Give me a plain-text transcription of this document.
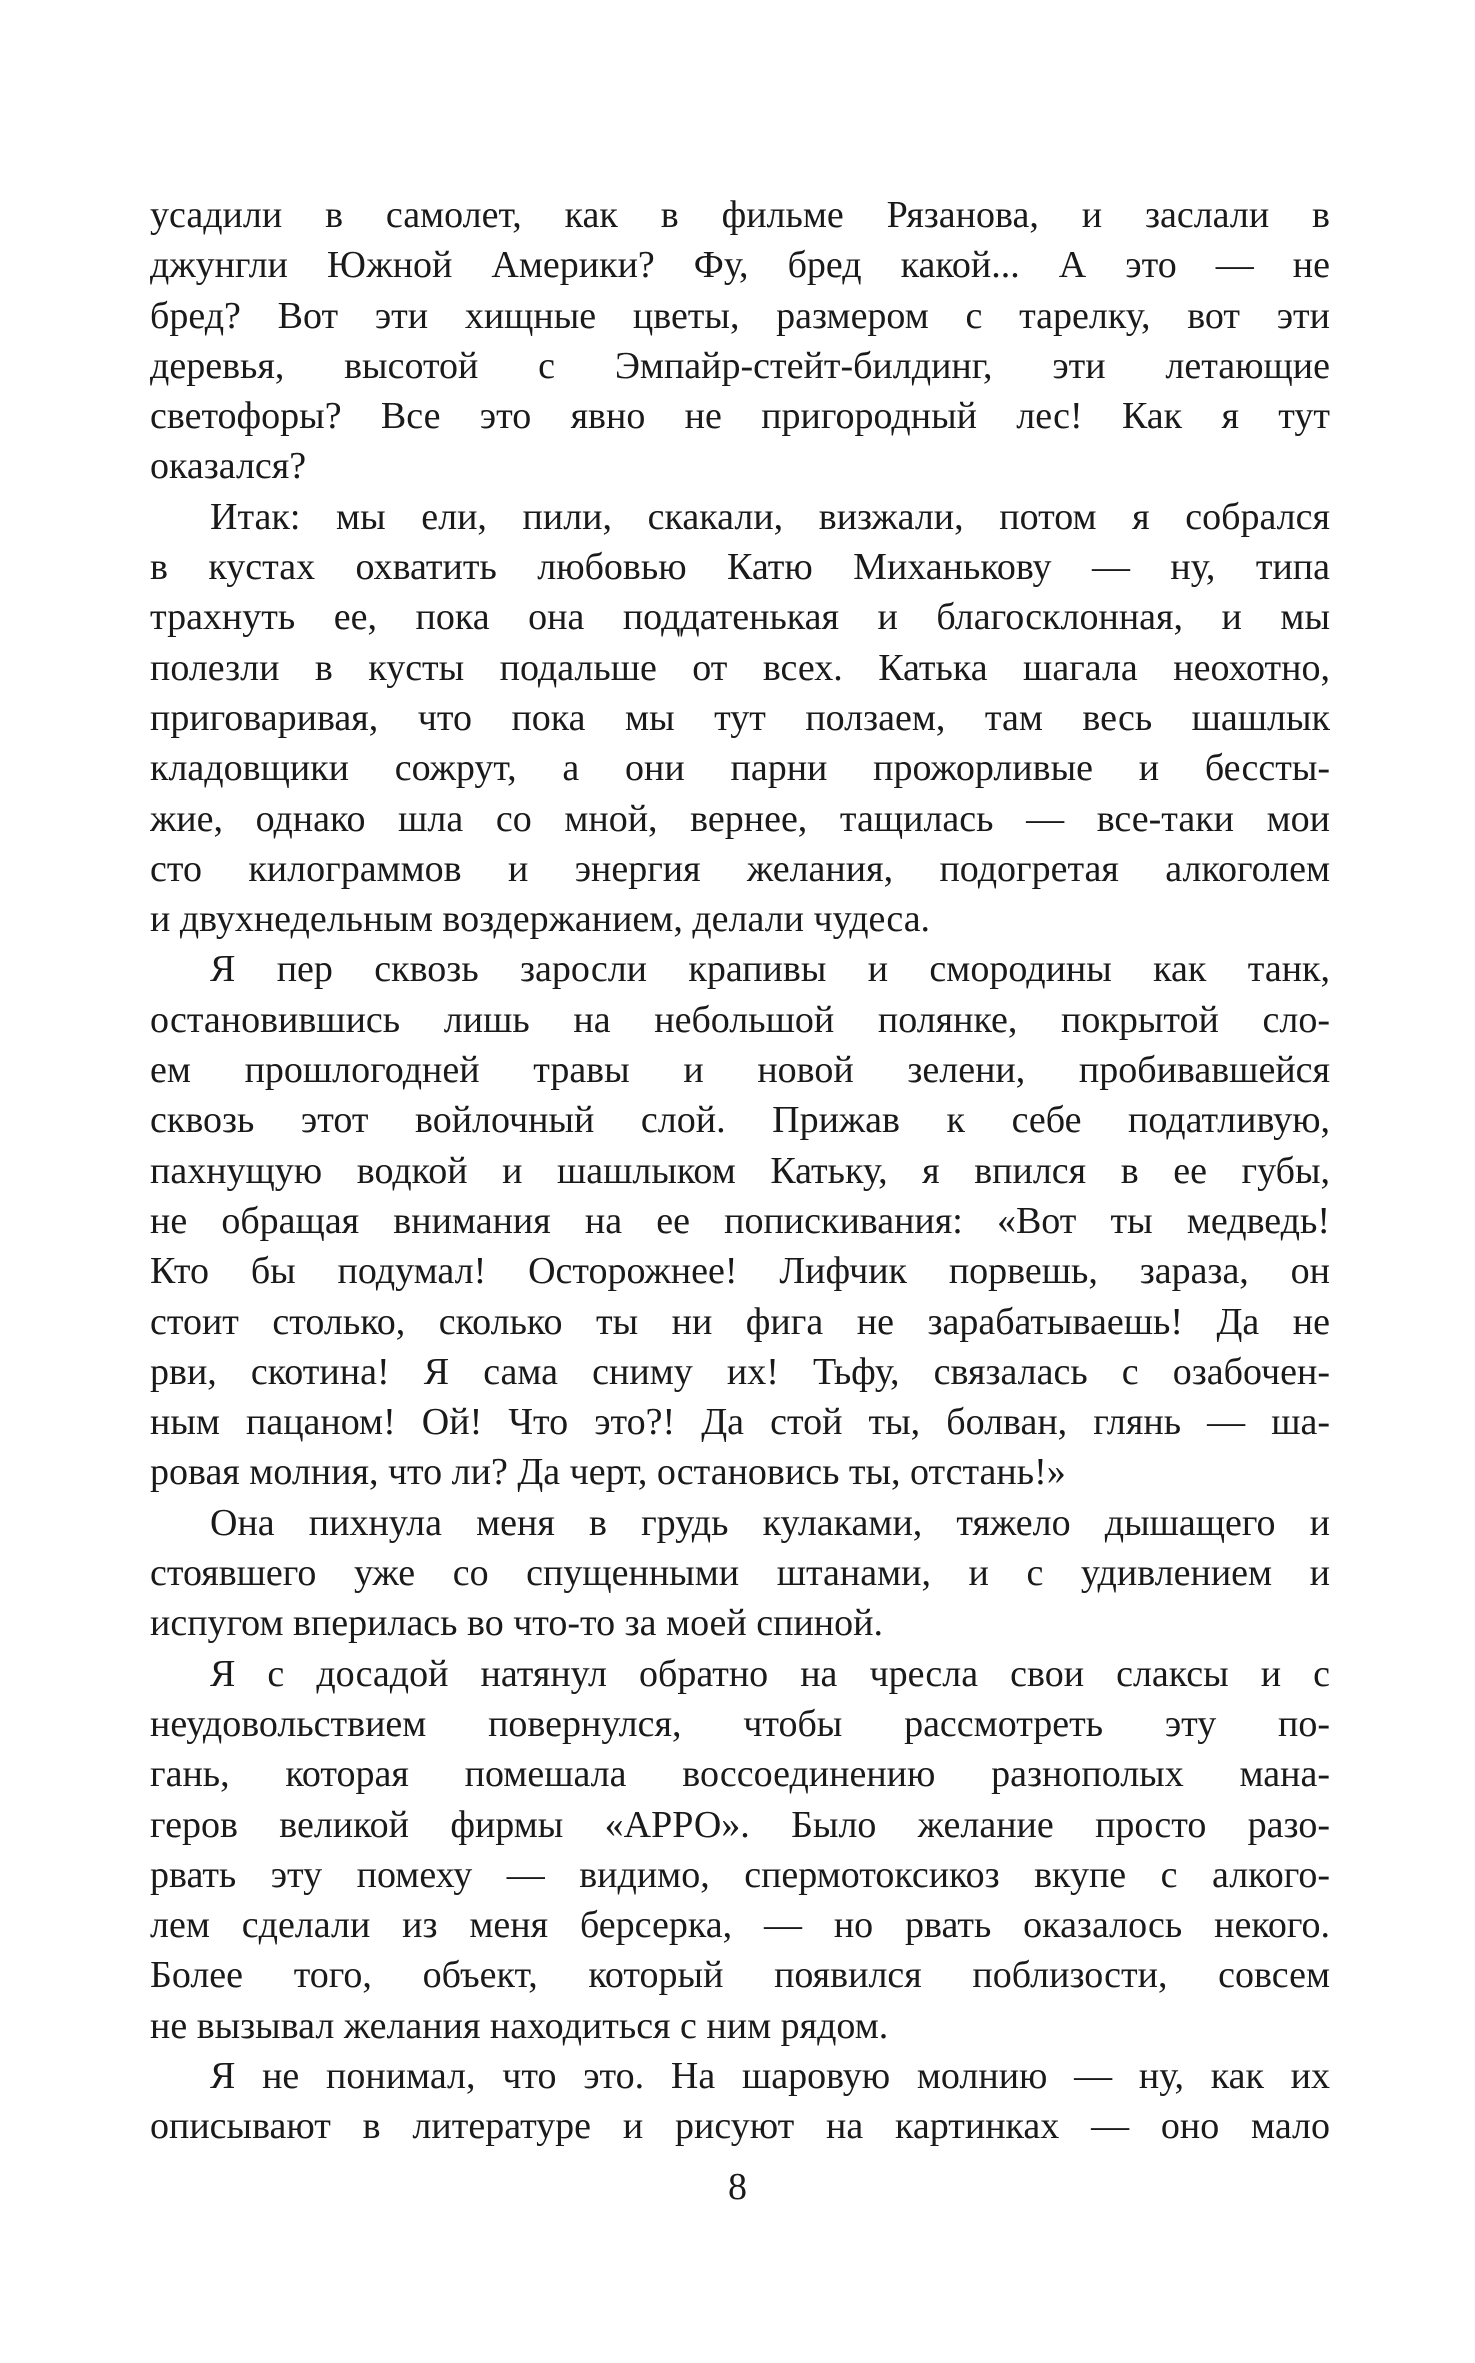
усадили в самолет, как в фильме Рязанова, и заслали в
джунгли Южной Америки? Фу, бред какой... А это — не
бред? Вот эти хищные цветы, размером с тарелку, вот эти
деревья, высотой с Эмпайр-стейт-билдинг, эти летающие
светофоры? Все это явно не пригородный лес! Как я тут
оказался?
Итак: мы ели, пили, скакали, визжали, потом я собрался
в кустах охватить любовью Катю Миханькову — ну, типа
трахнуть ее, пока она поддатенькая и благосклонная, и мы
полезли в кусты подальше от всех. Катька шагала неохотно,
приговаривая, что пока мы тут ползаем, там весь шашлык
кладовщики сожрут, а они парни прожорливые и бессты-
жие, однако шла со мной, вернее, тащилась — все-таки мои
сто килограммов и энергия желания, подогретая алкоголем
и двухнедельным воздержанием, делали чудеса.
Я пер сквозь заросли крапивы и смородины как танк,
остановившись лишь на небольшой полянке, покрытой сло-
ем прошлогодней травы и новой зелени, пробивавшейся
сквозь этот войлочный слой. Прижав к себе податливую,
пахнущую водкой и шашлыком Катьку, я впился в ее губы,
не обращая внимания на ее попискивания: «Вот ты медведь!
Кто бы подумал! Осторожнее! Лифчик порвешь, зараза, он
стоит столько, сколько ты ни фига не зарабатываешь! Да не
рви, скотина! Я сама сниму их! Тьфу, связалась с озабочен-
ным пацаном! Ой! Что это?! Да стой ты, болван, глянь — ша-
ровая молния, что ли? Да черт, остановись ты, отстань!»
Она пихнула меня в грудь кулаками, тяжело дышащего и
стоявшего уже со спущенными штанами, и с удивлением и
испугом вперилась во что-то за моей спиной.
Я с досадой натянул обратно на чресла свои слаксы и с
неудовольствием повернулся, чтобы рассмотреть эту по-
гань, которая помешала воссоединению разнополых мана-
геров великой фирмы «АРРО». Было желание просто разо-
рвать эту помеху — видимо, спермотоксикоз вкупе с алкого-
лем сделали из меня берсерка, — но рвать оказалось некого.
Более того, объект, который появился поблизости, совсем
не вызывал желания находиться с ним рядом.
Я не понимал, что это. На шаровую молнию — ну, как их
описывают в литературе и рисуют на картинках — оно мало
8
